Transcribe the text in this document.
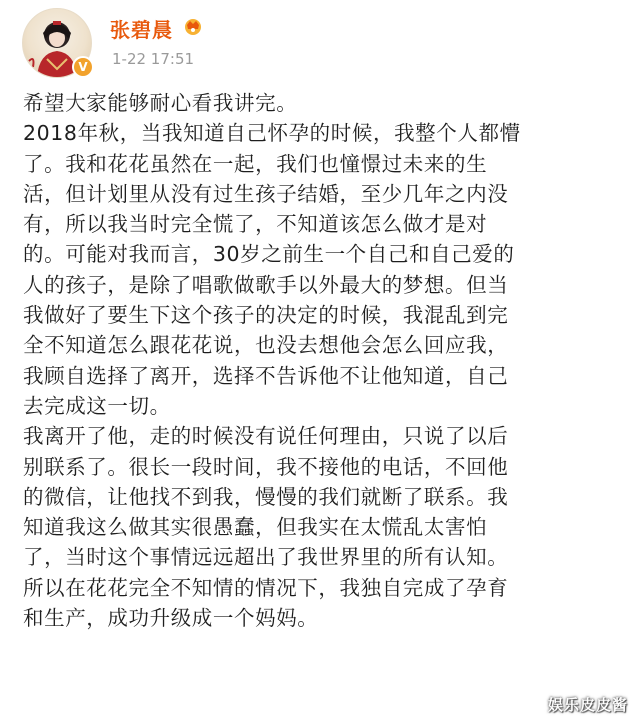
V
张碧晨
1-22 17:51

希望大家能够耐心看我讲完。

2018年秋，当我知道自己怀孕的时候，我整个人都懵
了。我和花花虽然在一起，我们也憧憬过未来的生
活，但计划里从没有过生孩子结婚，至少几年之内没
有，所以我当时完全慌了，不知道该怎么做才是对
的。可能对我而言，30岁之前生一个自己和自己爱的
人的孩子，是除了唱歌做歌手以外最大的梦想。但当
我做好了要生下这个孩子的决定的时候，我混乱到完
全不知道怎么跟花花说，也没去想他会怎么回应我，
我顾自选择了离开，选择不告诉他不让他知道，自己
去完成这一切。

我离开了他，走的时候没有说任何理由，只说了以后
别联系了。很长一段时间，我不接他的电话，不回他
的微信，让他找不到我，慢慢的我们就断了联系。我
知道我这么做其实很愚蠢，但我实在太慌乱太害怕
了，当时这个事情远远超出了我世界里的所有认知。
所以在花花完全不知情的情况下，我独自完成了孕育
和生产，成功升级成一个妈妈。

娱乐皮皮酱
